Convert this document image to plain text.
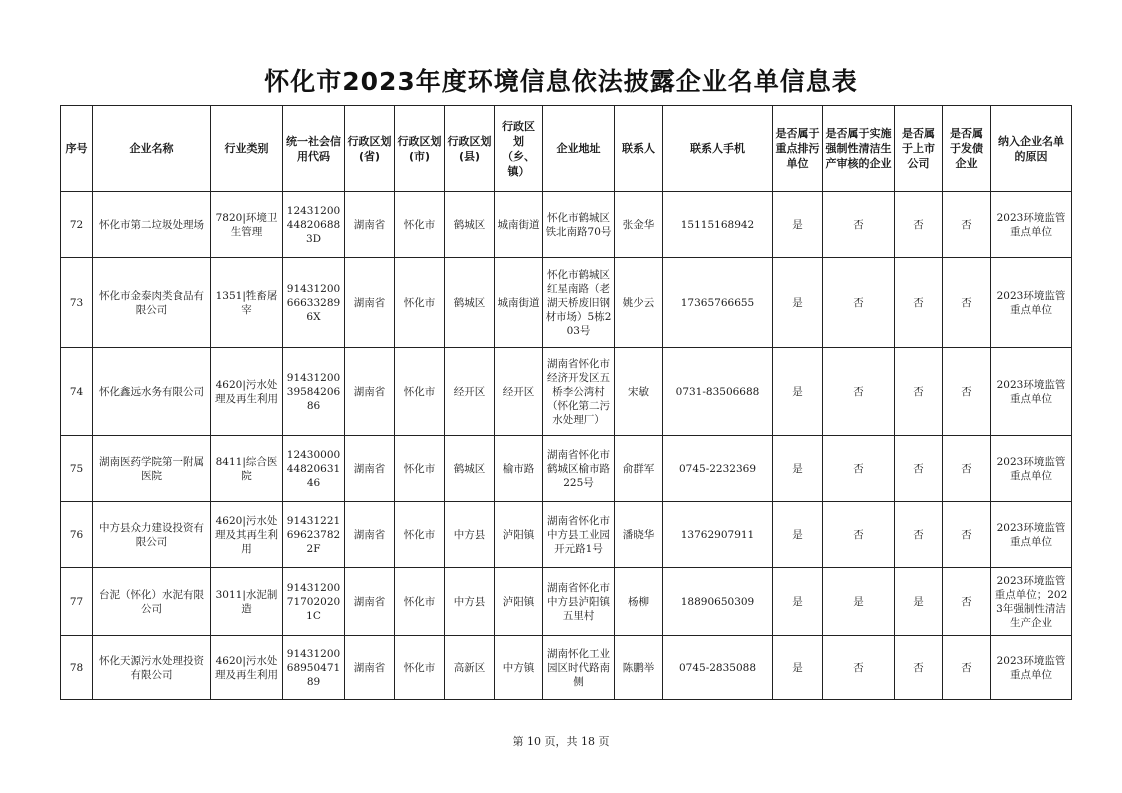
怀化市2023年度环境信息依法披露企业名单信息表
序号	企业名称	行业类别	统一社会信用代码	行政区划(省)	行政区划(市)	行政区划(县)	行政区划（乡、镇）	企业地址	联系人	联系人手机	是否属于重点排污单位	是否属于实施强制性清洁生产审核的企业	是否属于上市公司	是否属于发债企业	纳入企业名单的原因
72	怀化市第二垃圾处理场	7820|环境卫生管理	12431200448206883D	湖南省	怀化市	鹤城区	城南街道	怀化市鹤城区铁北南路70号	张金华	15115168942	是	否	否	否	2023环境监管重点单位
73	怀化市金泰肉类食品有限公司	1351|牲畜屠宰	91431200666332896X	湖南省	怀化市	鹤城区	城南街道	怀化市鹤城区红星南路（老湖天桥废旧钢材市场）5栋203号	姚少云	17365766655	是	否	否	否	2023环境监管重点单位
74	怀化鑫远水务有限公司	4620|污水处理及再生利用	9143120039584206​86	湖南省	怀化市	经开区	经开区	湖南省怀化市经济开发区五桥李公湾村（怀化第二污水处理厂）	宋敏	0731-83506688	是	否	否	否	2023环境监管重点单位
75	湖南医药学院第一附属医院	8411|综合医院	12430000448206314​6	湖南省	怀化市	鹤城区	榆市路	湖南省怀化市鹤城区榆市路225号	俞群军	0745-2232369	是	否	否	否	2023环境监管重点单位
76	中方县众力建设投资有限公司	4620|污水处理及其再生利用	91431221696237822F	湖南省	怀化市	中方县	泸阳镇	湖南省怀化市中方县工业园开元路1号	潘晓华	13762907911	是	否	否	否	2023环境监管重点单位
77	台泥（怀化）水泥有限公司	3011|水泥制造	91431200717020201C	湖南省	怀化市	中方县	泸阳镇	湖南省怀化市中方县泸阳镇五里村	杨柳	18890650309	是	是	是	否	2023环境监管重点单位；2023年强制性清洁生产企业
78	怀化天源污水处理投资有限公司	4620|污水处理及再生利用	9143120068​95047189	湖南省	怀化市	高新区	中方镇	湖南怀化工业园区时代路南侧	陈鹏举	0745-2835088	是	否	否	否	2023环境监管重点单位
第 10 页，共 18 页
